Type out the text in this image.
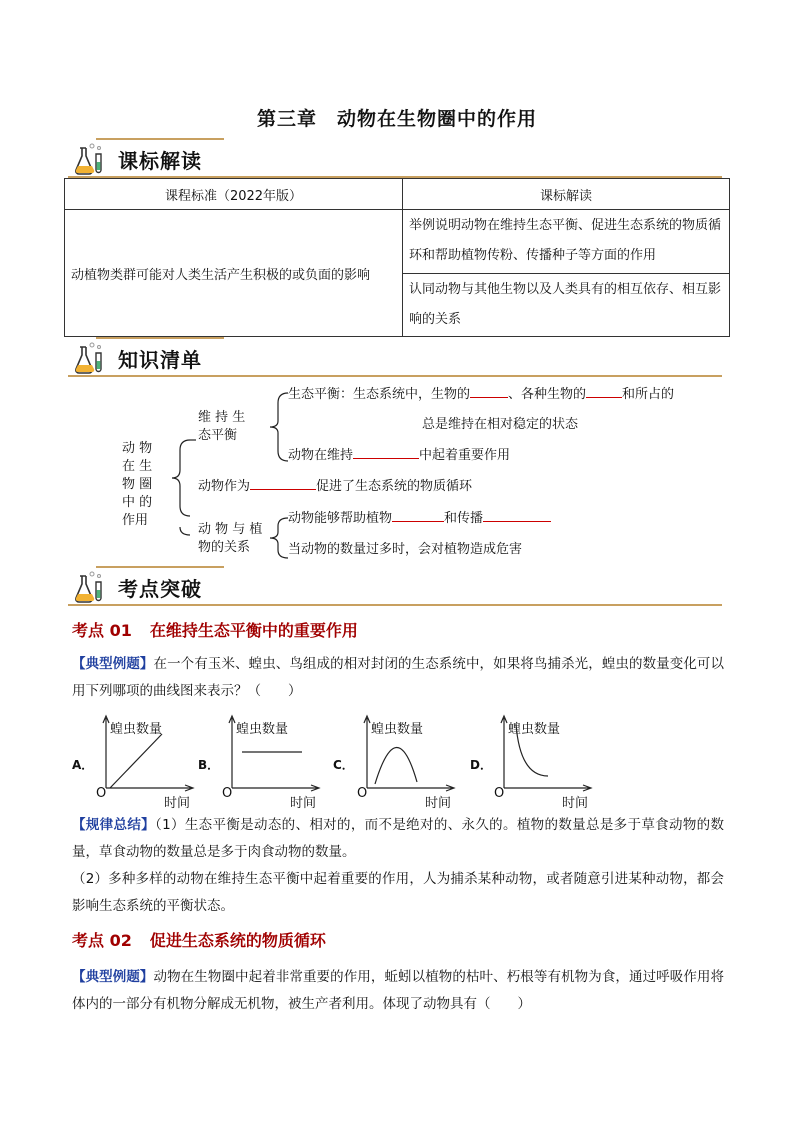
第三章　动物在生物圈中的作用
课标解读
课程标准（2022年版）	课标解读
动植物类群可能对人类生活产生积极的或负面的影响	举例说明动物在维持生态平衡、促进生态系统的物质循环和帮助植物传粉、传播种子等方面的作用
	认同动物与其他生物以及人类具有的相互依存、相互影响的关系
知识清单
动 物
在 生
物 圈
中 的
作用
维 持 生
态平衡
生态平衡：生态系统中，生物的	、各种生物的	和所占的
总是维持在相对稳定的状态
动物在维持	中起着重要作用
动物作为	促进了生态系统的物质循环
动 物 与 植
物的关系
动物能够帮助植物	和传播
当动物的数量过多时，会对植物造成危害
考点突破
考点 01 在维持生态平衡中的重要作用
【典型例题】在一个有玉米、蝗虫、鸟组成的相对封闭的生态系统中，如果将鸟捕杀光，蝗虫的数量变化可以用下列哪项的曲线图来表示？（　　）
A．
蝗虫数量
O
时间
B．
蝗虫数量
O
时间
C．
蝗虫数量
O
时间
D．
蝗虫数量
O
时间
【规律总结】（1）生态平衡是动态的、相对的，而不是绝对的、永久的。植物的数量总是多于草食动物的数量，草食动物的数量总是多于肉食动物的数量。
（2）多种多样的动物在维持生态平衡中起着重要的作用，人为捕杀某种动物，或者随意引进某种动物，都会影响生态系统的平衡状态。
考点 02 促进生态系统的物质循环
【典型例题】动物在生物圈中起着非常重要的作用，蚯蚓以植物的枯叶、朽根等有机物为食，通过呼吸作用将体内的一部分有机物分解成无机物，被生产者利用。体现了动物具有（　　）
